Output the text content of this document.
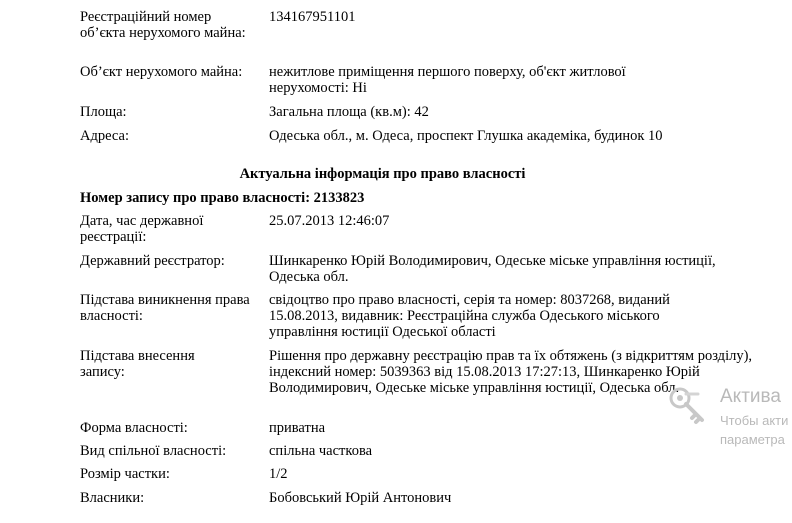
Реєстраційний номер об’єкта нерухомого майна:
134167951101
Об’єкт нерухомого майна:	нежитлове приміщення першого поверху, об'єкт житлової нерухомості: Ні
Площа:	Загальна площа (кв.м): 42
Адреса:	Одеська обл., м. Одеса, проспект Глушка академіка, будинок 10
Актуальна інформація про право власності
Номер запису про право власності: 2133823
Дата, час державної реєстрації:
25.07.2013 12:46:07
Державний реєстратор:	Шинкаренко Юрій Володимирович, Одеське міське управління юстиції, Одеська обл.
Підстава виникнення права власності:
свідоцтво про право власності, серія та номер: 8037268, виданий 15.08.2013, видавник: Реєстраційна служба Одеського міського управління юстиції Одеської області
Підстава внесення запису:
Рішення про державну реєстрацію прав та їх обтяжень (з відкриттям розділу), індексний номер: 5039363 від 15.08.2013 17:27:13, Шинкаренко Юрій Володимирович, Одеське міське управління юстиції, Одеська обл.
Форма власності:	приватна
Вид спільної власності:	спільна часткова
Розмір частки:	1/2
Власники:	Бобовський Юрій Антонович
Актива
Чтобы акти
параметра
